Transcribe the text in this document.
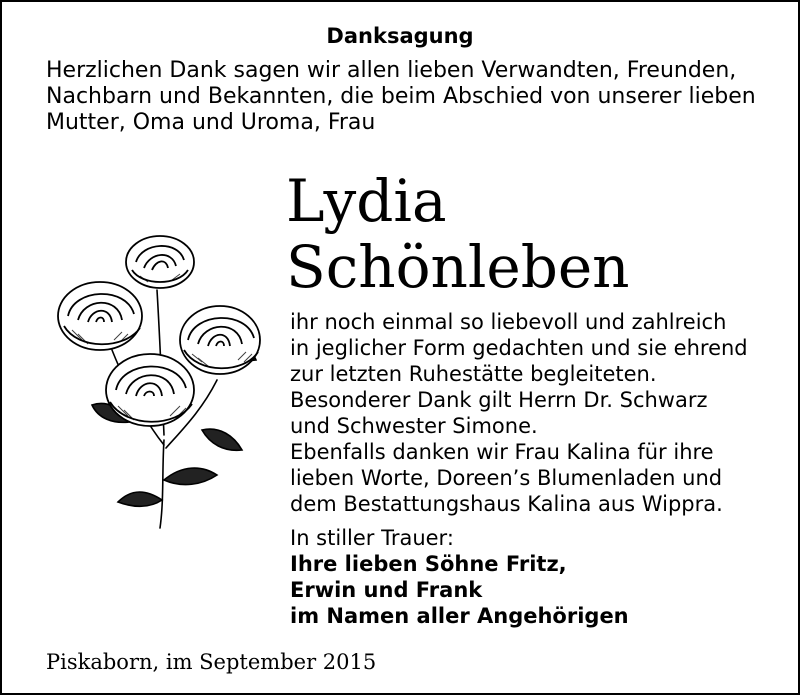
Danksagung
Herzlichen Dank sagen wir allen lieben Verwandten, Freunden,
Nachbarn und Bekannten, die beim Abschied von unserer lieben
Mutter, Oma und Uroma, Frau
Lydia
Schönleben
ihr noch einmal so liebevoll und zahlreich
in jeglicher Form gedachten und sie ehrend
zur letzten Ruhestätte begleiteten.
Besonderer Dank gilt Herrn Dr. Schwarz
und Schwester Simone.
Ebenfalls danken wir Frau Kalina für ihre
lieben Worte, Doreen’s Blumenladen und
dem Bestattungshaus Kalina aus Wippra.
In stiller Trauer:
Ihre lieben Söhne Fritz,
Erwin und Frank
im Namen aller Angehörigen
Piskaborn, im September 2015
